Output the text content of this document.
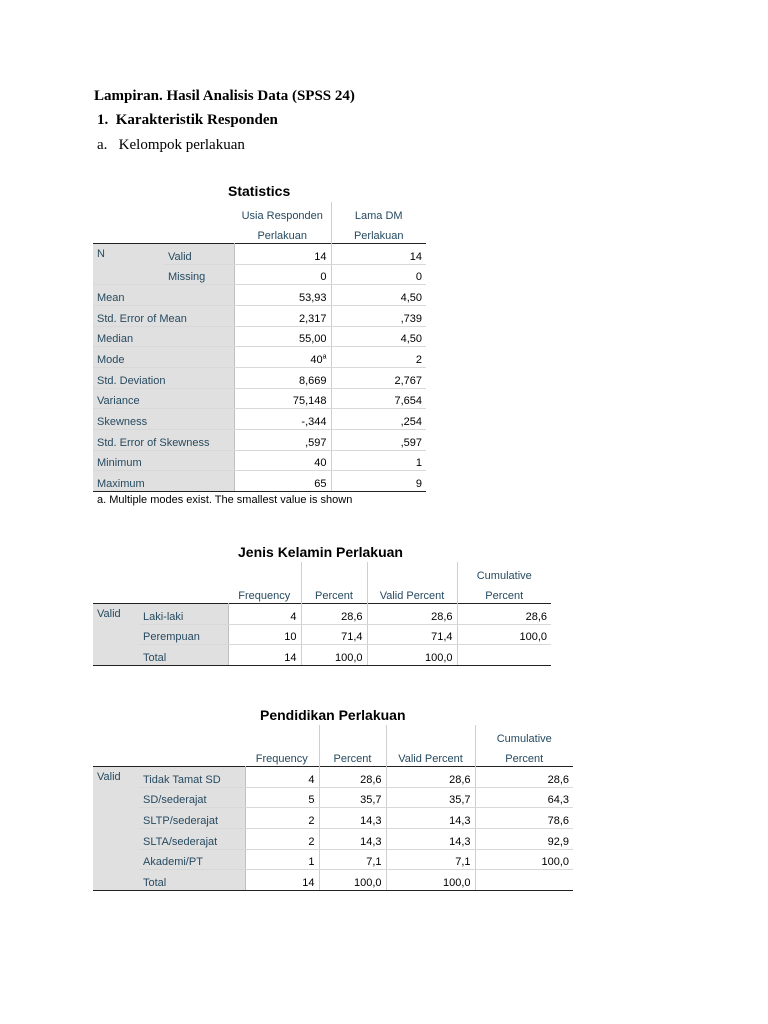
Lampiran. Hasil Analisis Data (SPSS 24)
1.  Karakteristik Responden
a.   Kelompok perlakuan
Statistics
		Usia Responden	Lama DM
		Perlakuan	Perlakuan
N	Valid	14	14
	Missing	0	0
Mean		53,93	4,50
Std. Error of Mean		2,317	,739
Median		55,00	4,50
Mode		40$^a$	2
Std. Deviation		8,669	2,767
Variance		75,148	7,654
Skewness		-,344	,254
Std. Error of Skewness		,597	,597
Minimum		40	1
Maximum		65	9
a. Multiple modes exist. The smallest value is shown
Jenis Kelamin Perlakuan
					Cumulative
		Frequency	Percent	Valid Percent	Percent
Valid	Laki-laki	4	28,6	28,6	28,6
	Perempuan	10	71,4	71,4	100,0
	Total	14	100,0	100,0	
Pendidikan Perlakuan
					Cumulative
		Frequency	Percent	Valid Percent	Percent
Valid	Tidak Tamat SD	4	28,6	28,6	28,6
	SD/sederajat	5	35,7	35,7	64,3
	SLTP/sederajat	2	14,3	14,3	78,6
	SLTA/sederajat	2	14,3	14,3	92,9
	Akademi/PT	1	7,1	7,1	100,0
	Total	14	100,0	100,0	
